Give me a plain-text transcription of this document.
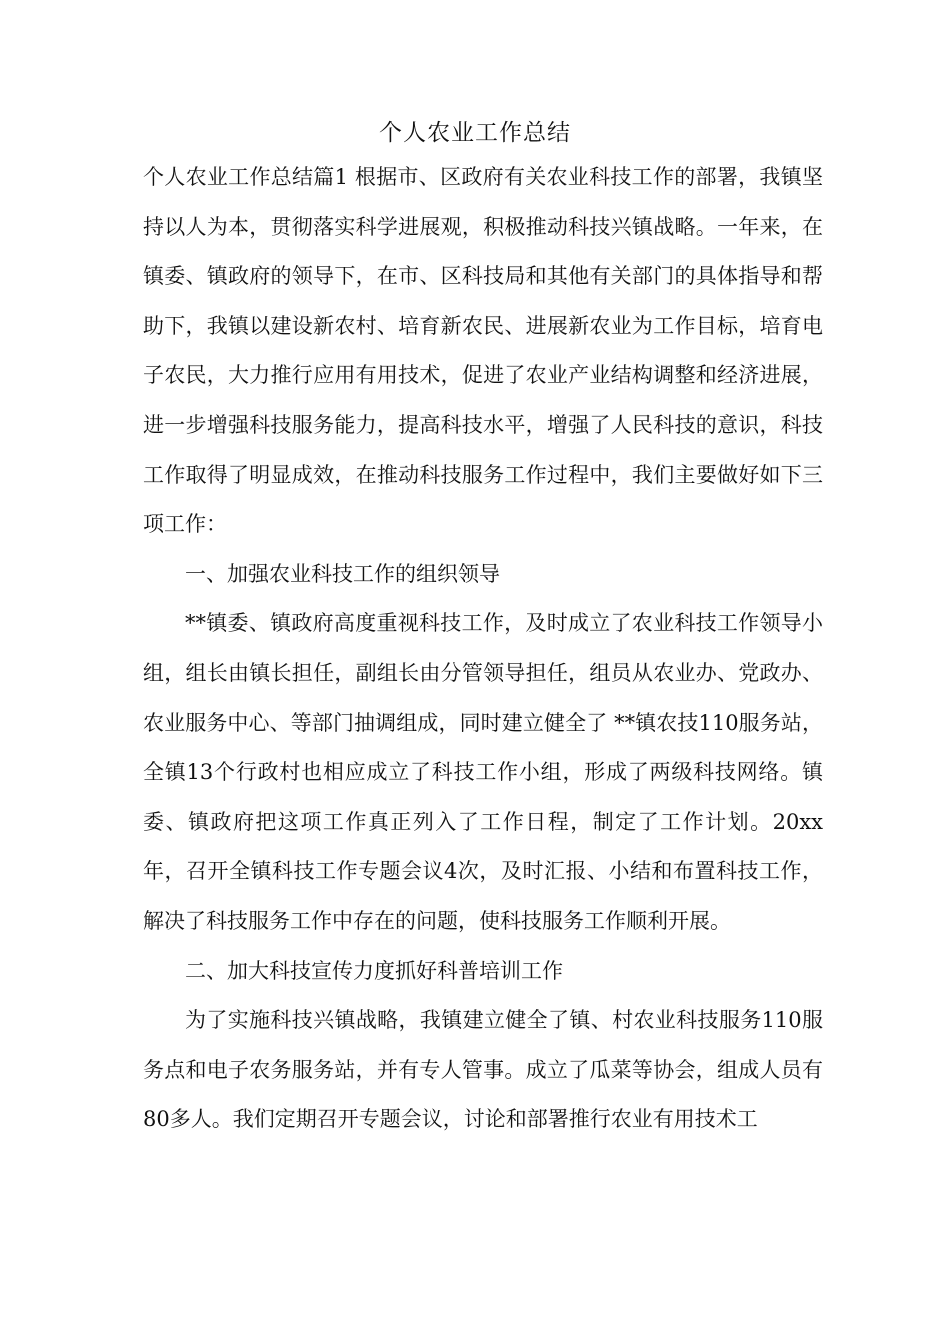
个人农业工作总结

个人农业工作总结篇1 根据市、区政府有关农业科技工作的部署，我镇坚持以人为本，贯彻落实科学进展观，积极推动科技兴镇战略。一年来，在镇委、镇政府的领导下，在市、区科技局和其他有关部门的具体指导和帮助下，我镇以建设新农村、培育新农民、进展新农业为工作目标，培育电子农民，大力推行应用有用技术，促进了农业产业结构调整和经济进展，进一步增强科技服务能力，提高科技水平，增强了人民科技的意识，科技工作取得了明显成效，在推动科技服务工作过程中，我们主要做好如下三项工作：

一、加强农业科技工作的组织领导

**镇委、镇政府高度重视科技工作，及时成立了农业科技工作领导小组，组长由镇长担任，副组长由分管领导担任，组员从农业办、党政办、农业服务中心、等部门抽调组成，同时建立健全了 **镇农技110服务站，全镇13个行政村也相应成立了科技工作小组，形成了两级科技网络。镇委、镇政府把这项工作真正列入了工作日程，制定了工作计划。20xx年，召开全镇科技工作专题会议4次，及时汇报、小结和布置科技工作，解决了科技服务工作中存在的问题，使科技服务工作顺利开展。

二、加大科技宣传力度抓好科普培训工作

为了实施科技兴镇战略，我镇建立健全了镇、村农业科技服务110服务点和电子农务服务站，并有专人管事。成立了瓜菜等协会，组成人员有80多人。我们定期召开专题会议，讨论和部署推行农业有用技术工
